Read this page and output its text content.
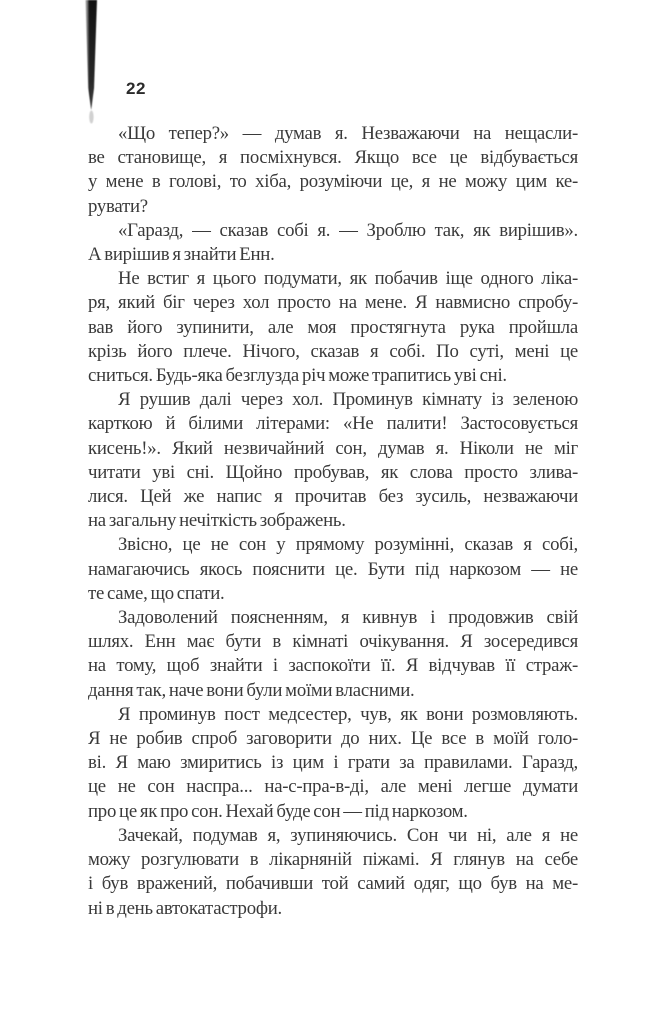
22
«Що тепер?» — думав я. Незважаючи на нещасли-
ве становище, я посміхнувся. Якщо все це відбувається
у мене в голові, то хіба, розуміючи це, я не можу цим ке-
рувати?
«Гаразд, — сказав собі я. — Зроблю так, як вирішив».
А вирішив я знайти Енн.
Не встиг я цього подумати, як побачив іще одного ліка-
ря, який біг через хол просто на мене. Я навмисно спробу-
вав його зупинити, але моя простягнута рука пройшла
крізь його плече. Нічого, сказав я собі. По суті, мені це
сниться. Будь-яка безглузда річ може трапитись уві сні.
Я рушив далі через хол. Проминув кімнату із зеленою
карткою й білими літерами: «Не палити! Застосовується
кисень!». Який незвичайний сон, думав я. Ніколи не міг
читати уві сні. Щойно пробував, як слова просто злива-
лися. Цей же напис я прочитав без зусиль, незважаючи
на загальну нечіткість зображень.
Звісно, це не сон у прямому розумінні, сказав я собі,
намагаючись якось пояснити це. Бути під наркозом — не
те саме, що спати.
Задоволений поясненням, я кивнув і продовжив свій
шлях. Енн має бути в кімнаті очікування. Я зосередився
на тому, щоб знайти і заспокоїти її. Я відчував її страж-
дання так, наче вони були моїми власними.
Я проминув пост медсестер, чув, як вони розмовляють.
Я не робив спроб заговорити до них. Це все в моїй голо-
ві. Я маю змиритись із цим і грати за правилами. Гаразд,
це не сон наспра... на-с-пра-в-ді, але мені легше думати
про це як про сон. Нехай буде сон — під наркозом.
Зачекай, подумав я, зупиняючись. Сон чи ні, але я не
можу розгулювати в лікарняній піжамі. Я глянув на себе
і був вражений, побачивши той самий одяг, що був на ме-
ні в день автокатастрофи.
